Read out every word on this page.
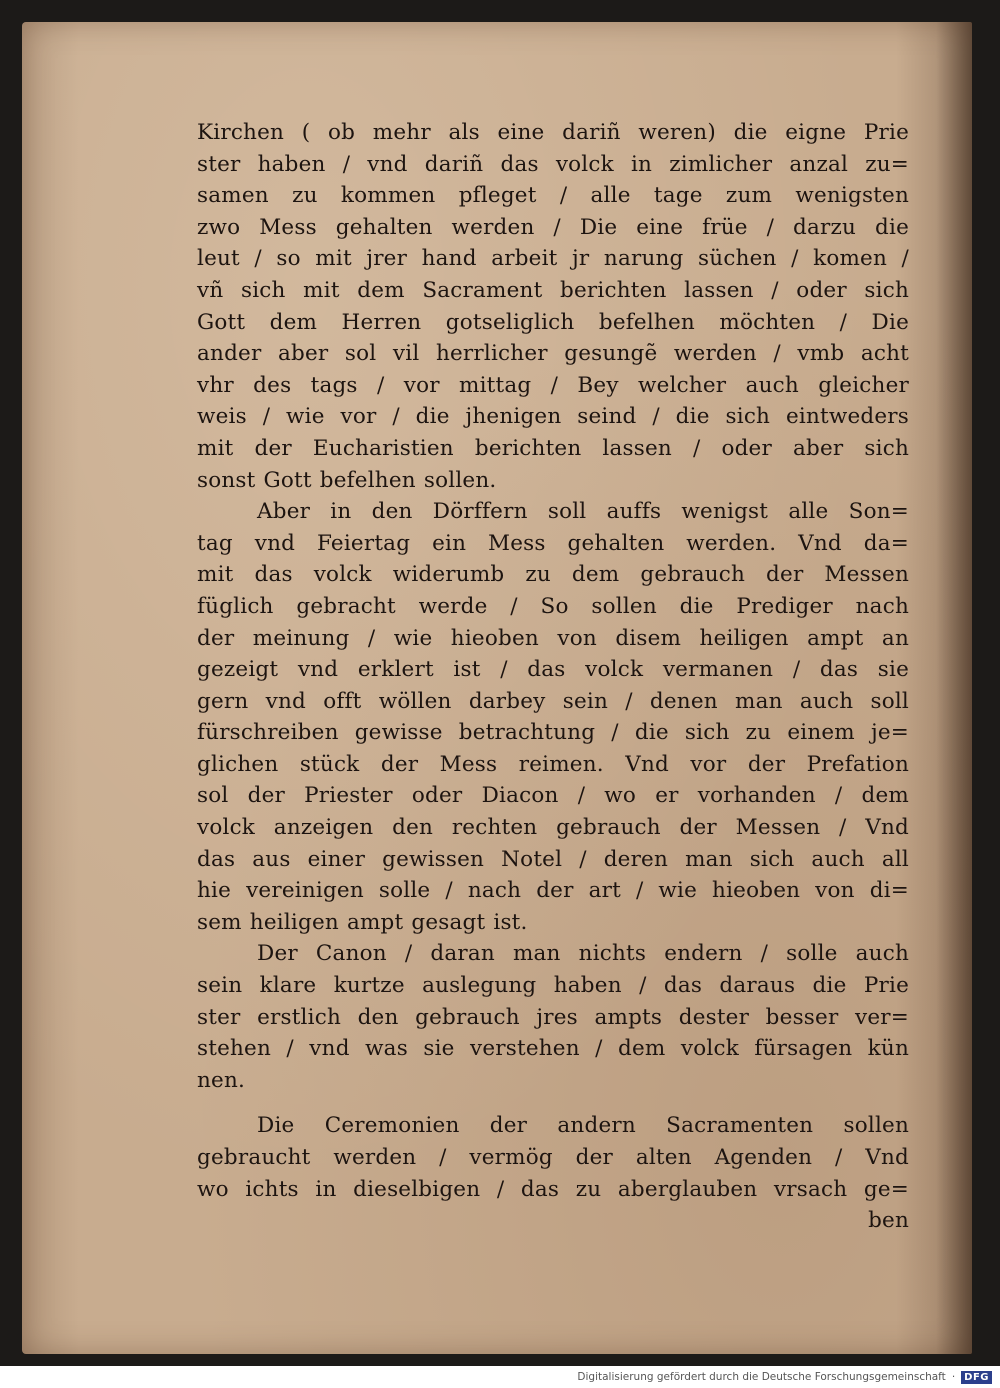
Kirchen ( ob mehr als eine dariñ weren) die eigne Prie
ster haben / vnd dariñ das volck in zimlicher anzal zu=
samen zu kommen pfleget / alle tage zum wenigsten
zwo Mess gehalten werden / Die eine früe / darzu die
leut / so mit jrer hand arbeit jr narung süchen / komen /
vñ sich mit dem Sacrament berichten lassen / oder sich
Gott dem Herren gotseliglich befelhen möchten / Die
ander aber sol vil herrlicher gesungẽ werden / vmb acht
vhr des tags / vor mittag / Bey welcher auch gleicher
weis / wie vor / die jhenigen seind / die sich eintweders
mit der Eucharistien berichten lassen / oder aber sich
sonst Gott befelhen sollen.
Aber in den Dörffern soll auffs wenigst alle Son=
tag vnd Feiertag ein Mess gehalten werden. Vnd da=
mit das volck widerumb zu dem gebrauch der Messen
füglich gebracht werde / So sollen die Prediger nach
der meinung / wie hieoben von disem heiligen ampt an
gezeigt vnd erklert ist / das volck vermanen / das sie
gern vnd offt wöllen darbey sein / denen man auch soll
fürschreiben gewisse betrachtung / die sich zu einem je=
glichen stück der Mess reimen. Vnd vor der Prefation
sol der Priester oder Diacon / wo er vorhanden / dem
volck anzeigen den rechten gebrauch der Messen / Vnd
das aus einer gewissen Notel / deren man sich auch all
hie vereinigen solle / nach der art / wie hieoben von di=
sem heiligen ampt gesagt ist.
Der Canon / daran man nichts endern / solle auch
sein klare kurtze auslegung haben / das daraus die Prie
ster erstlich den gebrauch jres ampts dester besser ver=
stehen / vnd was sie verstehen / dem volck fürsagen kün
nen.
Die Ceremonien der andern Sacramenten sollen
gebraucht werden / vermög der alten Agenden / Vnd
wo ichts in dieselbigen / das zu aberglauben vrsach ge=
ben
Digitalisierung gefördert durch die Deutsche Forschungsgemeinschaft · DFG
